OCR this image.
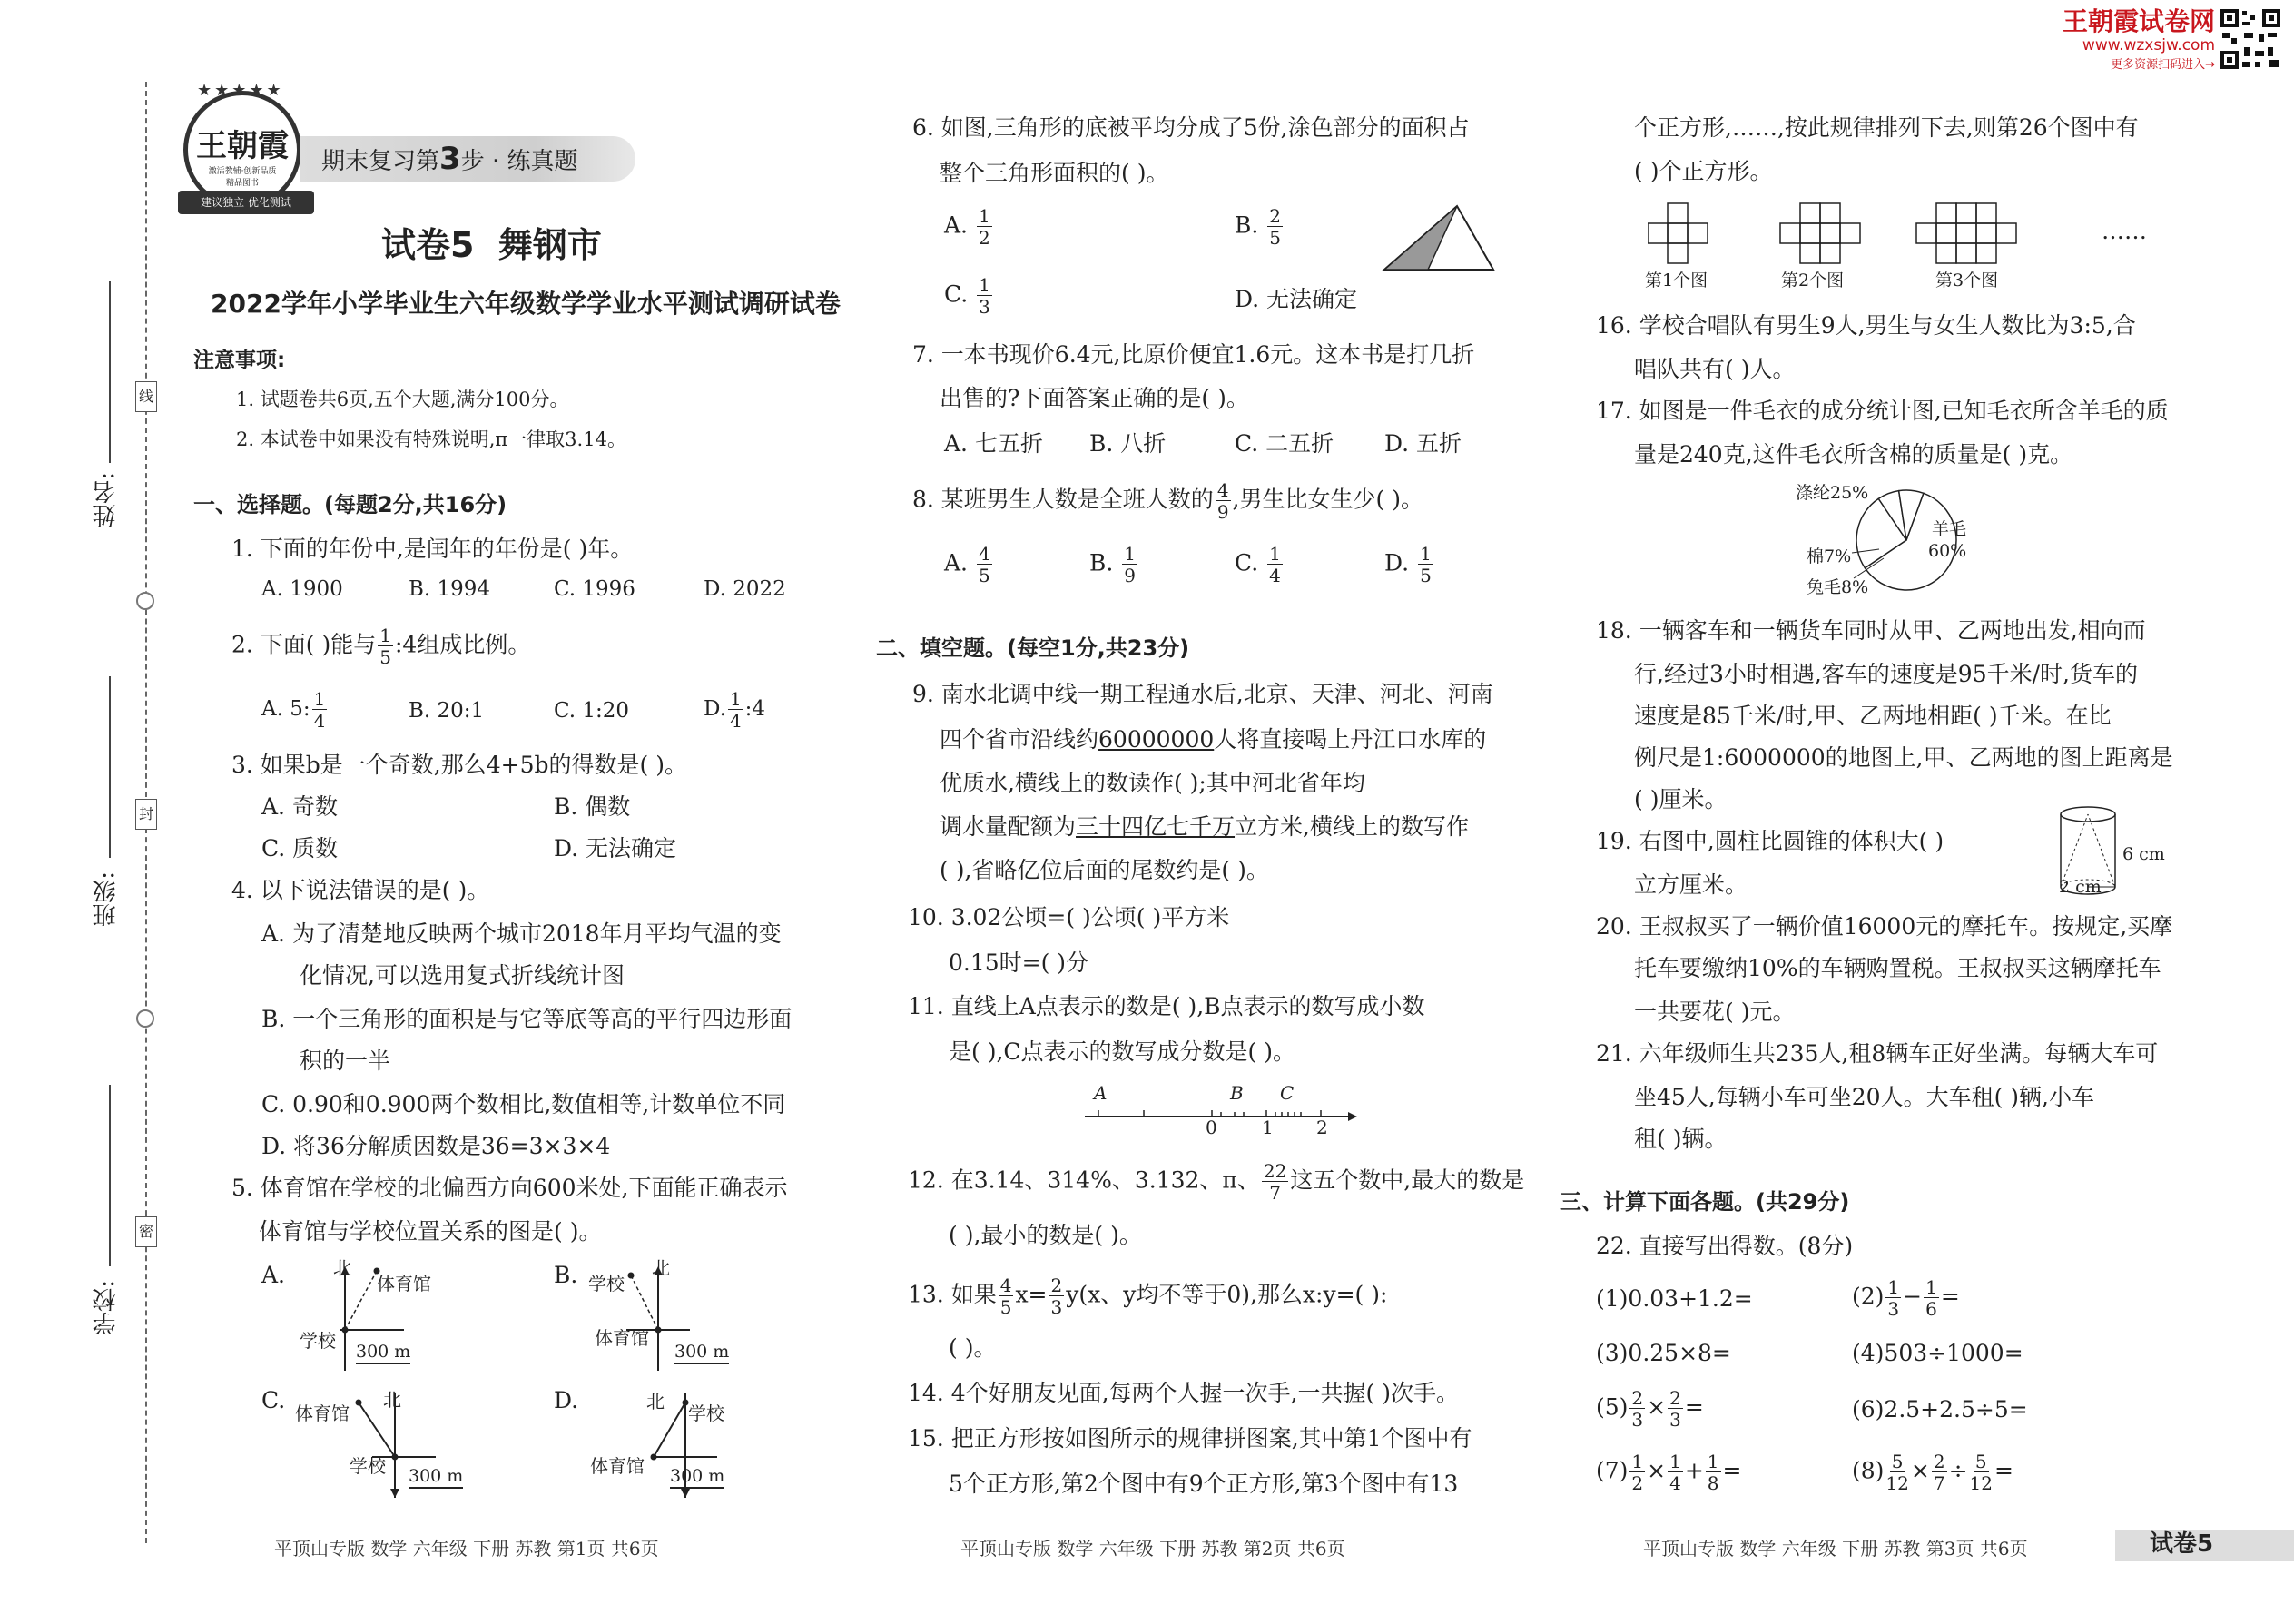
王朝霞试卷网
www.wzxsjw.com
更多资源扫码进入→
线
封
密
姓名:
班级:
学校:
★★★★★
王朝霞
激活教辅·创新品质
精品图书
建议独立 优化测试
期末复习第3步 · 练真题
试卷5 舞钢市
2022学年小学毕业生六年级数学学业水平测试调研试卷
注意事项:
1. 试题卷共6页,五个大题,满分100分。
2. 本试卷中如果没有特殊说明,π一律取3.14。
一、选择题。(每题2分,共16分)
1. 下面的年份中,是闰年的年份是( )年。
A. 1900	B. 1994	C. 1996	D. 2022
2. 下面( )能与 $\frac{1}{5}$ :4组成比例。
A. 5: $\frac{1}{4}$	B. 20:1	C. 1:20	D. $\frac{1}{4}$ :4
3. 如果b是一个奇数,那么4+5b的得数是( )。
A. 奇数	B. 偶数
C. 质数	D. 无法确定
4. 以下说法错误的是( )。
A. 为了清楚地反映两个城市2018年月平均气温的变
化情况,可以选用复式折线统计图
B. 一个三角形的面积是与它等底等高的平行四边形面
积的一半
C. 0.90和0.900两个数相比,数值相等,计数单位不同
D. 将36分解质因数是36=3×3×4
5. 体育馆在学校的北偏西方向600米处,下面能正确表示
体育馆与学校位置关系的图是( )。
A.	北
体育馆
学校 300 m
B.	北
学校
体育馆
300 m
C. 体育馆
北
学校 300 m
D.	北
学校
体育馆 300 m
平顶山专版 数学 六年级 下册 苏教 第1页 共6页
6. 如图,三角形的底被平均分成了5份,涂色部分的面积占
整个三角形面积的( )。
A. $\frac{1}{2}$	B. $\frac{2}{5}$
C. $\frac{1}{3}$	D. 无法确定
7. 一本书现价6.4元,比原价便宜1.6元。这本书是打几折
出售的?下面答案正确的是( )。
A. 七五折 B. 八折	C. 二五折 D. 五折
8. 某班男生人数是全班人数的 $\frac{4}{9}$ ,男生比女生少( )。
A. $\frac{4}{5}$	B. $\frac{1}{9}$	C. $\frac{1}{4}$	D. $\frac{1}{5}$
二、填空题。(每空1分,共23分)
9. 南水北调中线一期工程通水后,北京、天津、河北、河南
四个省市沿线约60000000人将直接喝上丹江口水库的
优质水,横线上的数读作( );其中河北省年均
调水量配额为三十四亿七千万立方米,横线上的数写作
( ),省略亿位后面的尾数约是( )。
10. 3.02公顷=( )公顷( )平方米
0.15时=( )分
11. 直线上A点表示的数是( ),B点表示的数写成小数
是( ),C点表示的数写成分数是( )。
A	B C
0 1 2
12. 在3.14、314%、3.132、π、 $\frac{22}{7}$ 这五个数中,最大的数是
( ),最小的数是( )。
13. 如果 $\frac{4}{5} x= \frac{2}{3} y(x$、y均不等于0),那么x:y=( ):
( )。
14. 4个好朋友见面,每两个人握一次手,一共握( )次手。
15. 把正方形按如图所示的规律拼图案,其中第1个图中有
5个正方形,第2个图中有9个正方形,第3个图中有13
平顶山专版 数学 六年级 下册 苏教 第2页 共6页
个正方形,……,按此规律排列下去,则第26个图中有
( )个正方形。
……
第1个图	第2个图	第3个图
16. 学校合唱队有男生9人,男生与女生人数比为3:5,合
唱队共有( )人。
17. 如图是一件毛衣的成分统计图,已知毛衣所含羊毛的质
量是240克,这件毛衣所含棉的质量是( )克。
涤纶25%
羊毛
60%
棉7%
兔毛8%
18. 一辆客车和一辆货车同时从甲、乙两地出发,相向而
行,经过3小时相遇,客车的速度是95千米/时,货车的
速度是85千米/时,甲、乙两地相距( )千米。在比
例尺是1:6000000的地图上,甲、乙两地的图上距离是
( )厘米。
19. 右图中,圆柱比圆锥的体积大( )
立方厘米。
6 cm
2 cm
20. 王叔叔买了一辆价值16000元的摩托车。按规定,买摩
托车要缴纳10%的车辆购置税。王叔叔买这辆摩托车
一共要花( )元。
21. 六年级师生共235人,租8辆车正好坐满。每辆大车可
坐45人,每辆小车可坐20人。大车租( )辆,小车
租( )辆。
三、计算下面各题。(共29分)
22. 直接写出得数。(8分)
(1)0.03+1.2=	$(2) \frac{1}{3} - \frac{1}{6}$ =
(3)0.25×8=	(4)503÷1000=
$(5) \frac{2}{3} \times \frac{2}{3}$ =	(6)2.5+2.5÷5=
$(7) \frac{1}{2} \times \frac{1}{4} + \frac{1}{8}$ =	$(8) \frac{5}{12} \times \frac{2}{7} \div \frac{5}{12}$ =
平顶山专版 数学 六年级 下册 苏教 第3页 共6页	试卷5
